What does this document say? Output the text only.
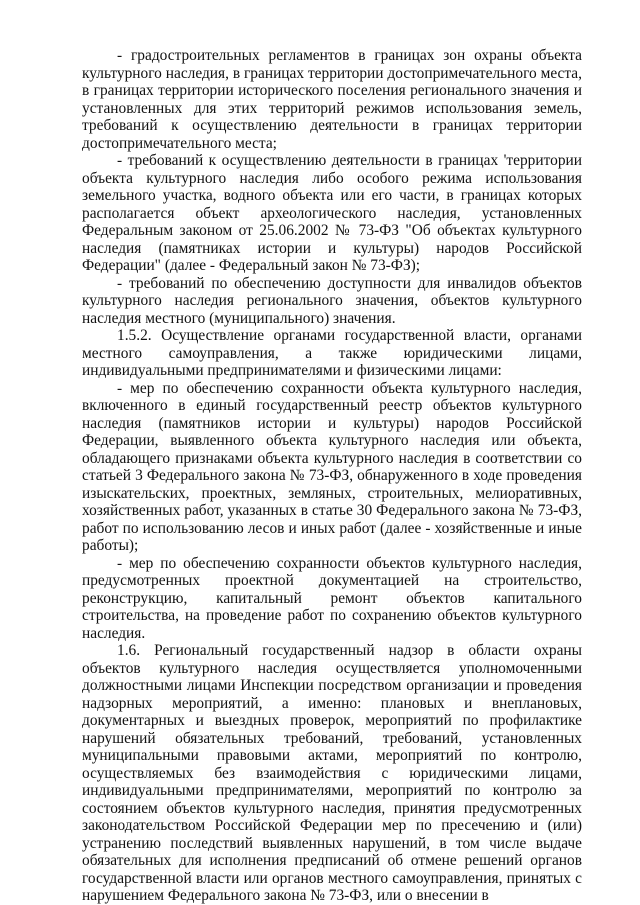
- градостроительных регламентов в границах зон охраны объекта культурного наследия, в границах территории достопримечательного места, в границах территории исторического поселения регионального значения и установленных для этих территорий режимов использования земель, требований к осуществлению деятельности в границах территории достопримечательного места;

- требований к осуществлению деятельности в границах 'территории объекта культурного наследия либо особого режима использования земельного участка, водного объекта или его части, в границах которых располагается объект археологического наследия, установленных Федеральным законом от 25.06.2002 № 73-ФЗ "Об объектах культурного наследия (памятниках истории и культуры) народов Российской Федерации" (далее - Федеральный закон № 73-ФЗ);

- требований по обеспечению доступности для инвалидов объектов культурного наследия регионального значения, объектов культурного наследия местного (муниципального) значения.

1.5.2. Осуществление органами государственной власти, органами местного самоуправления, а также юридическими лицами, индивидуальными предпринимателями и физическими лицами:

- мер по обеспечению сохранности объекта культурного наследия, включенного в единый государственный реестр объектов культурного наследия (памятников истории и культуры) народов Российской Федерации, выявленного объекта культурного наследия или объекта, обладающего признаками объекта культурного наследия в соответствии со статьей 3 Федерального закона № 73-ФЗ, обнаруженного в ходе проведения изыскательских, проектных, земляных, строительных, мелиоративных, хозяйственных работ, указанных в статье 30 Федерального закона № 73-ФЗ, работ по использованию лесов и иных работ (далее - хозяйственные и иные работы);

- мер по обеспечению сохранности объектов культурного наследия, предусмотренных проектной документацией на строительство, реконструкцию, капитальный ремонт объектов капитального строительства, на проведение работ по сохранению объектов культурного наследия.

1.6. Региональный государственный надзор в области охраны объектов культурного наследия осуществляется уполномоченными должностными лицами Инспекции посредством организации и проведения надзорных мероприятий, а именно: плановых и внеплановых, документарных и выездных проверок, мероприятий по профилактике нарушений обязательных требований, требований, установленных муниципальными правовыми актами, мероприятий по контролю, осуществляемых без взаимодействия с юридическими лицами, индивидуальными предпринимателями, мероприятий по контролю за состоянием объектов культурного наследия, принятия предусмотренных законодательством Российской Федерации мер по пресечению и (или) устранению последствий выявленных нарушений, в том числе выдаче обязательных для исполнения предписаний об отмене решений органов государственной власти или органов местного самоуправления, принятых с нарушением Федерального закона № 73-ФЗ, или о внесении в
